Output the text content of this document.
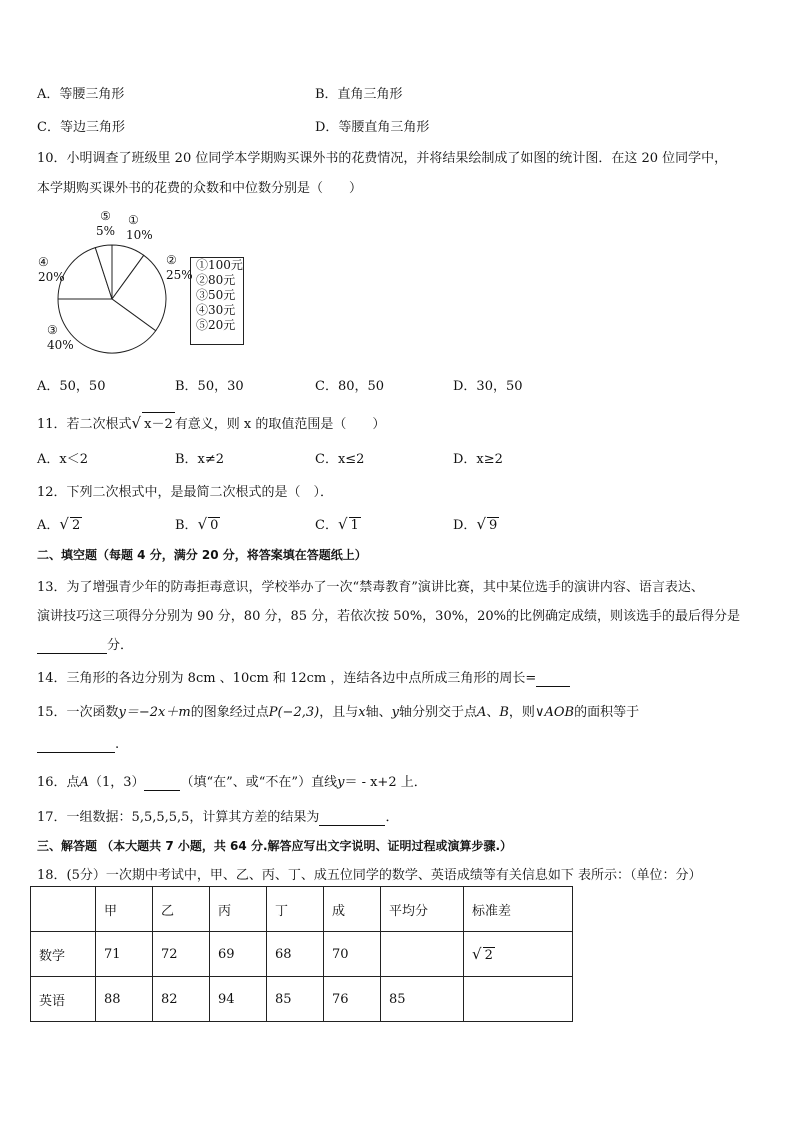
A．等腰三角形	B．直角三角形
C．等边三角形	D．等腰直角三角形
10．小明调查了班级里 20 位同学本学期购买课外书的花费情况，并将结果绘制成了如图的统计图．在这 20 位同学中，
本学期购买课外书的花费的众数和中位数分别是（　　）
⑤
5%
①
10%
②
25%
④
20%
③
40%
①100元
②80元
③50元
④30元
⑤20元
A．50，50	B．50，30	C．80，50	D．30，50
11．若二次根式√ x－2 有意义，则 x 的取值范围是（　　）
A．x＜2	B．x≠2	C．x≤2	D．x≥2
12．下列二次根式中，是最简二次根式的是（　）．
A．√ 2	B．√ 0	C．√ 1	D．√ 9
二、填空题（每题 4 分，满分 20 分，将答案填在答题纸上）
13．为了增强青少年的防毒拒毒意识，学校举办了一次“禁毒教育”演讲比赛，其中某位选手的演讲内容、语言表达、
演讲技巧这三项得分分别为 90 分，80 分，85 分，若依次按 50%，30%，20%的比例确定成绩，则该选手的最后得分是
分．
14．三角形的各边分别为 8cm 、10cm 和 12cm ，连结各边中点所成三角形的周长=
15．一次函数y＝−2x＋m的图象经过点P(−2,3)，且与x轴、y轴分别交于点A、B，则∨AOB的面积等于
.
16．点A（1，3）	（填“在”、或“不在”）直线y＝ - x+2 上．
17．一组数据：5,5,5,5,5，计算其方差的结果为	．
三、解答题 （本大题共 7 小题，共 64 分.解答应写出文字说明、证明过程或演算步骤.）
18．(5分）一次期中考试中，甲、乙、丙、丁、成五位同学的数学、英语成绩等有关信息如下 表所示：（单位：分）
	甲	乙	丙	丁	成	平均分	标准差
数学	71	72	69	68	70		√ 2
英语	88	82	94	85	76	85	
